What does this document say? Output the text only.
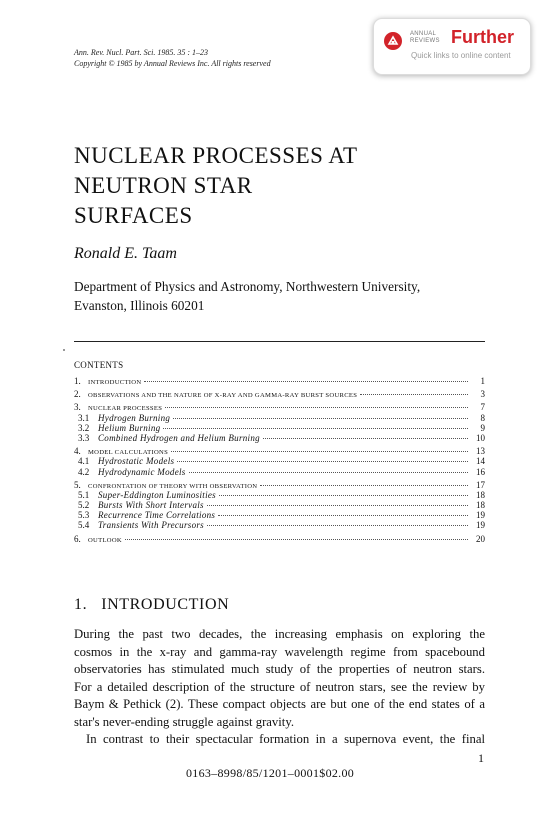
Ann. Rev. Nucl. Part. Sci. 1985. 35 : 1–23
Copyright © 1985 by Annual Reviews Inc. All rights reserved
ANNUAL
REVIEWS Further
Quick links to online content
NUCLEAR PROCESSES AT
NEUTRON STAR
SURFACES
Ronald E. Taam
Department of Physics and Astronomy, Northwestern University,
Evanston, Illinois 60201
CONTENTS
1.	INTRODUCTION	1
2.	OBSERVATIONS AND THE NATURE OF X-RAY AND GAMMA-RAY BURST SOURCES	3
3.	NUCLEAR PROCESSES	7
3.1 Hydrogen Burning	8
3.2 Helium Burning	9
3.3 Combined Hydrogen and Helium Burning	10
4.	MODEL CALCULATIONS	13
4.1 Hydrostatic Models	14
4.2 Hydrodynamic Models	16
5.	CONFRONTATION OF THEORY WITH OBSERVATION	17
5.1 Super-Eddington Luminosities	18
5.2 Bursts With Short Intervals	18
5.3 Recurrence Time Correlations	19
5.4 Transients With Precursors	19
6.	OUTLOOK	20
1. INTRODUCTION
During the past two decades, the increasing emphasis on exploring the
cosmos in the x-ray and gamma-ray wavelength regime from spacebound
observatories has stimulated much study of the properties of neutron stars.
For a detailed description of the structure of neutron stars, see the review by
Baym & Pethick (2). These compact objects are but one of the end states of a
star's never-ending struggle against gravity.
In contrast to their spectacular formation in a supernova event, the final
1
0163–8998/85/1201–0001$02.00
